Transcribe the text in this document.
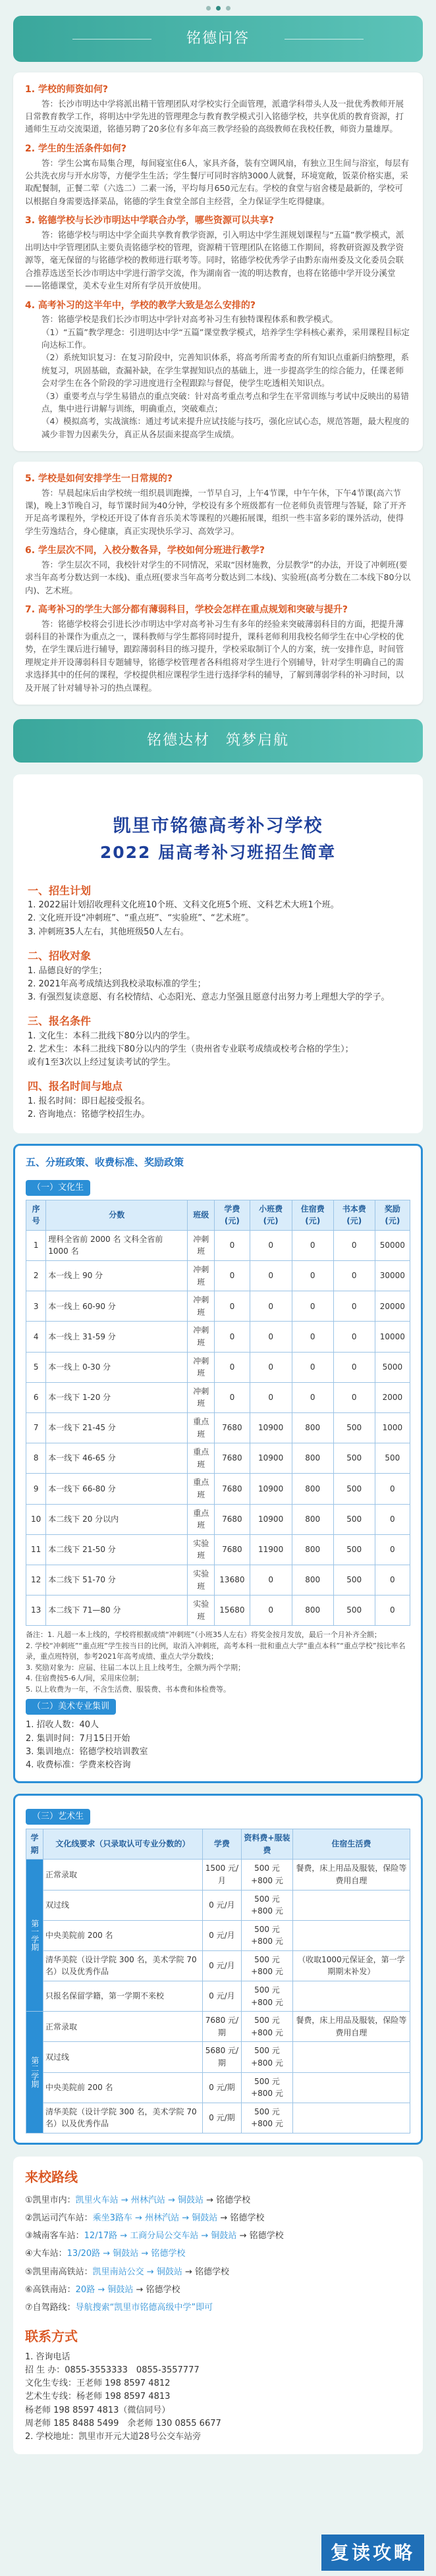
铭德问答
1. 学校的师资如何?
答：长沙市明达中学将派出精干管理团队对学校实行全面管理，派遣学科带头人及一批优秀教师开展日常教育教学工作，将明达中学先进的管理理念与教育教学模式引入铭德学校，共享优质的教育资源，打通师生互动交流渠道，铭德另聘了20多位有多年高三教学经验的高级教师在我校任教，师资力量雄厚。
2. 学生的生活条件如何?
答：学生公寓布局集合理，每间寝室住6人，家具齐备，装有空调风扇，有独立卫生间与浴室，每层有公共洗衣房与开水房等，方便学生生活；学生餐厅可同时容纳3000人就餐，环境宽敞，饭菜价格实惠，采取配餐制，正餐二荤（六选二）二素一汤，平均每月650元左右。学校的食堂与宿舍楼是最新的，学校可以根据自身需要选择菜品，铭德的学生食堂全部自主经营，全力保证学生吃得健康。
3. 铭德学校与长沙市明达中学联合办学，哪些资源可以共享?
答：铭德学校与明达中学全面共享教育教学资源，引入明达中学生涯规划课程与“五篇”教学模式，派出明达中学管理团队主要负责铭德学校的管理，资源精干管理团队在铭德工作期间，将教研资源及教学资源等，毫无保留的与铭德学校的教师进行联考等。同时，铭德学校优秀学子由黔东南州委及文化委员会联合推荐选送至长沙市明达中学进行游学交流，作为湖南省一流的明达教育，也将在铭德中学开设分溪堂——铭德课堂，美术专业生对所有学员开放使用。
4. 高考补习的这半年中，学校的教学大致是怎么安排的?
答：铭德学校是我们长沙市明达中学针对高考补习生有独特课程体系和教学模式。
（1）“五篇”教学理念：引进明达中学“五篇”课堂教学模式，培养学生学科核心素养，采用课程目标定向达标工作。
（2）系统知识复习：在复习阶段中，完善知识体系，将高考所需考查的所有知识点重新归纳整理，系统复习，巩固基础，查漏补缺，在学生掌握知识点的基础上，进一步提高学生的综合能力，任课老师会对学生在各个阶段的学习进度进行全程跟踪与督促，使学生吃透相关知识点。
（3）重要考点与学生易错点的重点突破：针对高考重点考点和学生在平常训练与考试中反映出的易错点，集中进行讲解与训练，明确重点，突破难点；
（4）模拟高考，实战演练：通过考试来提升应试技能与技巧，强化应试心态，规范答题，最大程度的减少非智力因素失分，真正从各层面来提高学生成绩。
5. 学校是如何安排学生一日常规的?
答：早晨起床后由学校统一组织晨训跑操，一节早自习，上午4节课，中午午休，下午4节课(高六节课)，晚上3节晚自习，每节课时间为40分钟，学校设有多个班级都有一位老师负责管理与答疑，除了开齐开足高考课程外，学校还开设了体育音乐美术等课程的兴趣拓展课，组织一些丰富多彩的课外活动，使得学生劳逸结合，身心健康，真正实现快乐学习、高效学习。
6. 学生层次不同，入校分数各异，学校如何分班进行教学?
答：学生层次不同，我校针对学生的不同情况，采取“因材施教，分层教学”的办法，开设了冲刺班(要求当年高考分数达到一本线)、重点班(要求当年高考分数达到二本线)、实验班(高考分数在二本线下80分以内)、艺术班。
7. 高考补习的学生大部分都有薄弱科目，学校会怎样在重点规划和突破与提升?
答：铭德学校将会引进长沙市明达中学对高考补习生有多年的经验来突破薄弱科目的方面，把提升薄弱科目的补课作为重点之一，课科教师与学生都将同时提升，课科老师利用我校名师学生在中心学校的优势，在学生课后进行辅导，跟踪薄弱科目的练习提升，学校采取制订个人的方案，统一安排作息，时间管理规定并开设薄弱科目专题辅导，铭德学校管理者各科组将对学生进行个别辅导，针对学生明确自己的需求选择其中的任何的课程，学校提供相应课程学生进行选择学科的辅导，了解到薄弱学科的补习时间，以及开展了针对辅导补习的热点课程。
铭德达材　筑梦启航
凯里市铭德高考补习学校
2022 届高考补习班招生简章
一、招生计划
1. 2022届计划招收理科文化班10个班、文科文化班5个班、文科艺术大班1个班。
2. 文化班开设“冲刺班”、“重点班”、“实验班”、“艺术班”。
3. 冲刺班35人左右，其他班级50人左右。
二、招收对象
1. 品德良好的学生；
2. 2021年高考成绩达到我校录取标准的学生；
3. 有强烈复读意愿、有名校情结、心态阳光、意志力坚强且愿意付出努力考上理想大学的学子。
三、报名条件
1. 文化生：本科二批线下80分以内的学生。
2. 艺术生：本科二批线下80分以内的学生（贵州省专业联考成绩或校考合格的学生）；
或有1至3次以上经过复读考试的学生。
四、报名时间与地点
1. 报名时间：即日起接受报名。
2. 咨询地点：铭德学校招生办。
五、分班政策、收费标准、奖励政策
（一）文化生
序号	分数	班级	学费(元)	小班费(元)	住宿费(元)	书本费(元)	奖励(元)
1	理科全省前 2000 名 文科全省前 1000 名	冲刺班	0	0	0	0	50000
2	本一线上 90 分	冲刺班	0	0	0	0	30000
3	本一线上 60-90 分	冲刺班	0	0	0	0	20000
4	本一线上 31-59 分	冲刺班	0	0	0	0	10000
5	本一线上 0-30 分	冲刺班	0	0	0	0	5000
6	本一线下 1-20 分	冲刺班	0	0	0	0	2000
7	本一线下 21-45 分	重点班	7680	10900	800	500	1000
8	本一线下 46-65 分	重点班	7680	10900	800	500	500
9	本一线下 66-80 分	重点班	7680	10900	800	500	0
10	本二线下 20 分以内	重点班	7680	10900	800	500	0
11	本二线下 21-50 分	实验班	7680	11900	800	500	0
12	本二线下 51-70 分	实验班	13680	0	800	500	0
13	本二线下 71—80 分	实验班	15680	0	800	500	0
备注：1. 凡超一本上线的，学校将根据成绩“冲刺班”（小班35人左右）将奖金按月发放，最后一个月补齐全额；
2. 学校“冲刺班”“重点班”学生按当日的比例，取消入冲刺班，高考本科一批和重点大学“重点本科”“重点学校”按比率名录，重点班特别，参考2021年高考成绩、重点大学分数线；
3. 奖励对象为：应届、往届二本以上且上线考生，全额为两个学期；
4. 住宿费按5-6人/间，采用床位制；
5. 以上收费为一年，不含生活费、服装费、书本费和体检费等。
（二）美术专业集训
1. 招收人数：40人
2. 集训时间：7月15日开始
3. 集训地点：铭德学校培训教室
4. 收费标准：学费来校咨询
（三）艺术生
学期	文化线要求（只录取认可专业分数的）	学费	资料费+服装费	住宿生活费
第一学期	正常录取	1500 元/月	500 元+800 元	餐费，床上用品及服装，保险等费用自理
	双过线	0 元/月	500 元+800 元	
	中央美院前 200 名	0 元/月	500 元+800 元	
	清华美院（设计学院 300 名，美术学院 70 名）以及优秀作品	0 元/月	500 元+800 元	（收取1000元保证金，第一学期期末补发）
	只报名保留学籍，第一学期不来校	0 元/月	500 元+800 元	
第二学期	正常录取	7680 元/期	500 元+800 元	餐费，床上用品及服装，保险等费用自理
	双过线	5680 元/期	500 元+800 元	
	中央美院前 200 名	0 元/期	500 元+800 元	
	清华美院（设计学院 300 名，美术学院 70 名）以及优秀作品	0 元/期	500 元+800 元	
来校路线
①凯里市内：凯里火车站 → 州林汽站 → 铜鼓站 → 铭德学校
②凯运司汽车站：乘坐3路车 → 州林汽站 → 铜鼓站 → 铭德学校
③城南客车站：12/17路 → 工商分局公交车站 → 铜鼓站 → 铭德学校
④大车站：13/20路 → 铜鼓站 → 铭德学校
⑤凯里南高铁站：凯里南站公交 → 铜鼓站 → 铭德学校
⑥高铁南站：20路 → 铜鼓站 → 铭德学校
⑦自驾路线：导航搜索“凯里市铭德高级中学”即可
联系方式
1. 咨询电话
招 生 办：0855-3553333　0855-3557777
文化生专线：王老师 198 8597 4812
艺术生专线：杨老师 198 8597 4813
杨老师 198 8597 4813（微信同号）
周老师 185 8488 5499　余老师 130 0855 6677
2. 学校地址：凯里市开元大道28号公交车站旁
复读攻略
